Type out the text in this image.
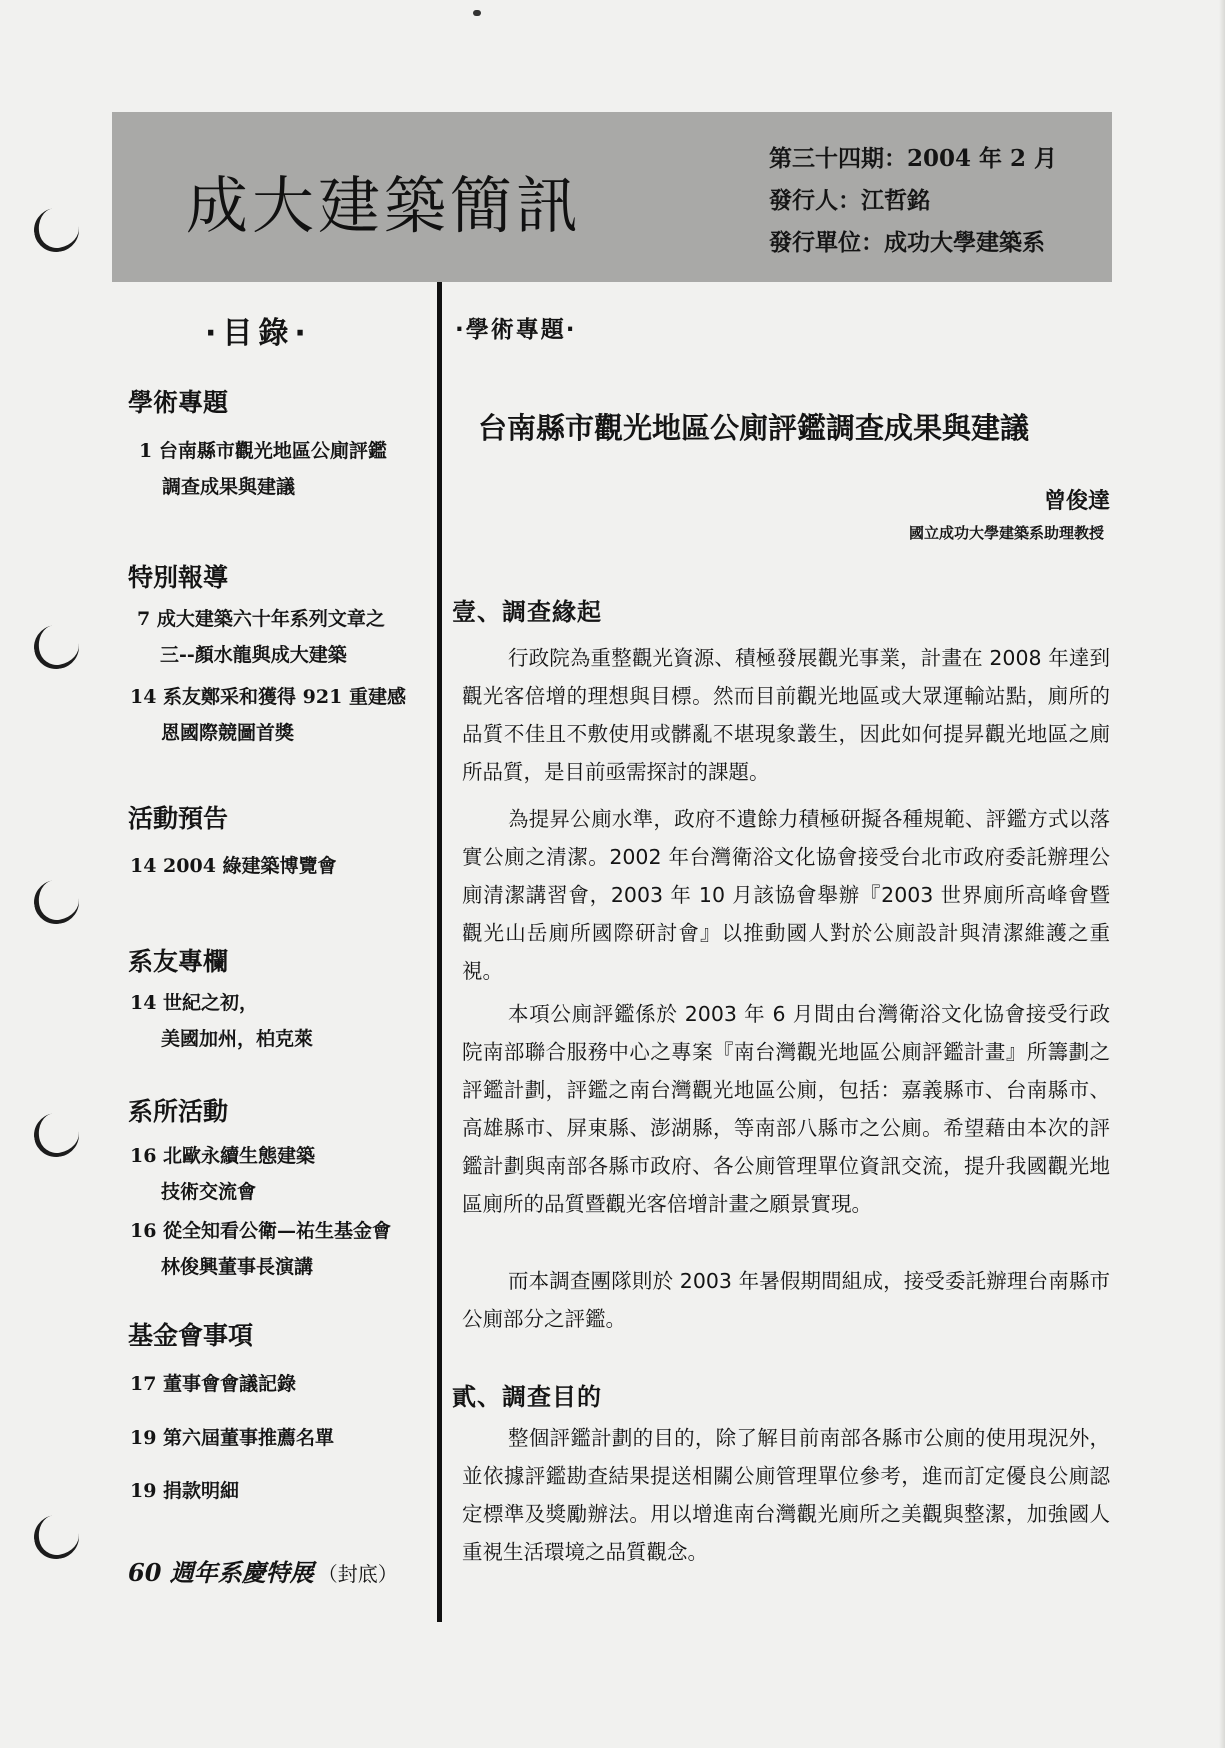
成大建築簡訊
第三十四期：2004 年 2 月
發行人：江哲銘
發行單位：成功大學建築系
·目錄·
學術專題
1 台南縣市觀光地區公廁評鑑
調查成果與建議
特別報導
7 成大建築六十年系列文章之
三--顏水龍與成大建築
14 系友鄭采和獲得 921 重建感
恩國際競圖首獎
活動預告
14 2004 綠建築博覽會
系友專欄
14 世紀之初，
美國加州，柏克萊
系所活動
16 北歐永續生態建築
技術交流會
16 從全知看公衛—祐生基金會
林俊興董事長演講
基金會事項
17 董事會會議記錄
19 第六屆董事推薦名單
19 捐款明細
60 週年系慶特展 （封底）
·學術專題·
台南縣市觀光地區公廁評鑑調查成果與建議
曾俊達
國立成功大學建築系助理教授
壹、調查緣起
行政院為重整觀光資源、積極發展觀光事業，計畫在 2008 年達到觀光客倍增的理想與目標。然而目前觀光地區或大眾運輸站點，廁所的品質不佳且不敷使用或髒亂不堪現象叢生，因此如何提昇觀光地區之廁所品質，是目前亟需探討的課題。
為提昇公廁水準，政府不遺餘力積極研擬各種規範、評鑑方式以落實公廁之清潔。2002 年台灣衛浴文化協會接受台北市政府委託辦理公廁清潔講習會，2003 年 10 月該協會舉辦『2003 世界廁所高峰會暨觀光山岳廁所國際研討會』以推動國人對於公廁設計與清潔維護之重視。
本項公廁評鑑係於 2003 年 6 月間由台灣衛浴文化協會接受行政院南部聯合服務中心之專案『南台灣觀光地區公廁評鑑計畫』所籌劃之評鑑計劃，評鑑之南台灣觀光地區公廁，包括：嘉義縣市、台南縣市、高雄縣市、屏東縣、澎湖縣，等南部八縣市之公廁。希望藉由本次的評鑑計劃與南部各縣市政府、各公廁管理單位資訊交流，提升我國觀光地區廁所的品質暨觀光客倍增計畫之願景實現。
而本調查團隊則於 2003 年暑假期間組成，接受委託辦理台南縣市公廁部分之評鑑。
貳、調查目的
整個評鑑計劃的目的，除了解目前南部各縣市公廁的使用現況外，並依據評鑑勘查結果提送相關公廁管理單位參考，進而訂定優良公廁認定標準及獎勵辦法。用以增進南台灣觀光廁所之美觀與整潔，加強國人重視生活環境之品質觀念。
